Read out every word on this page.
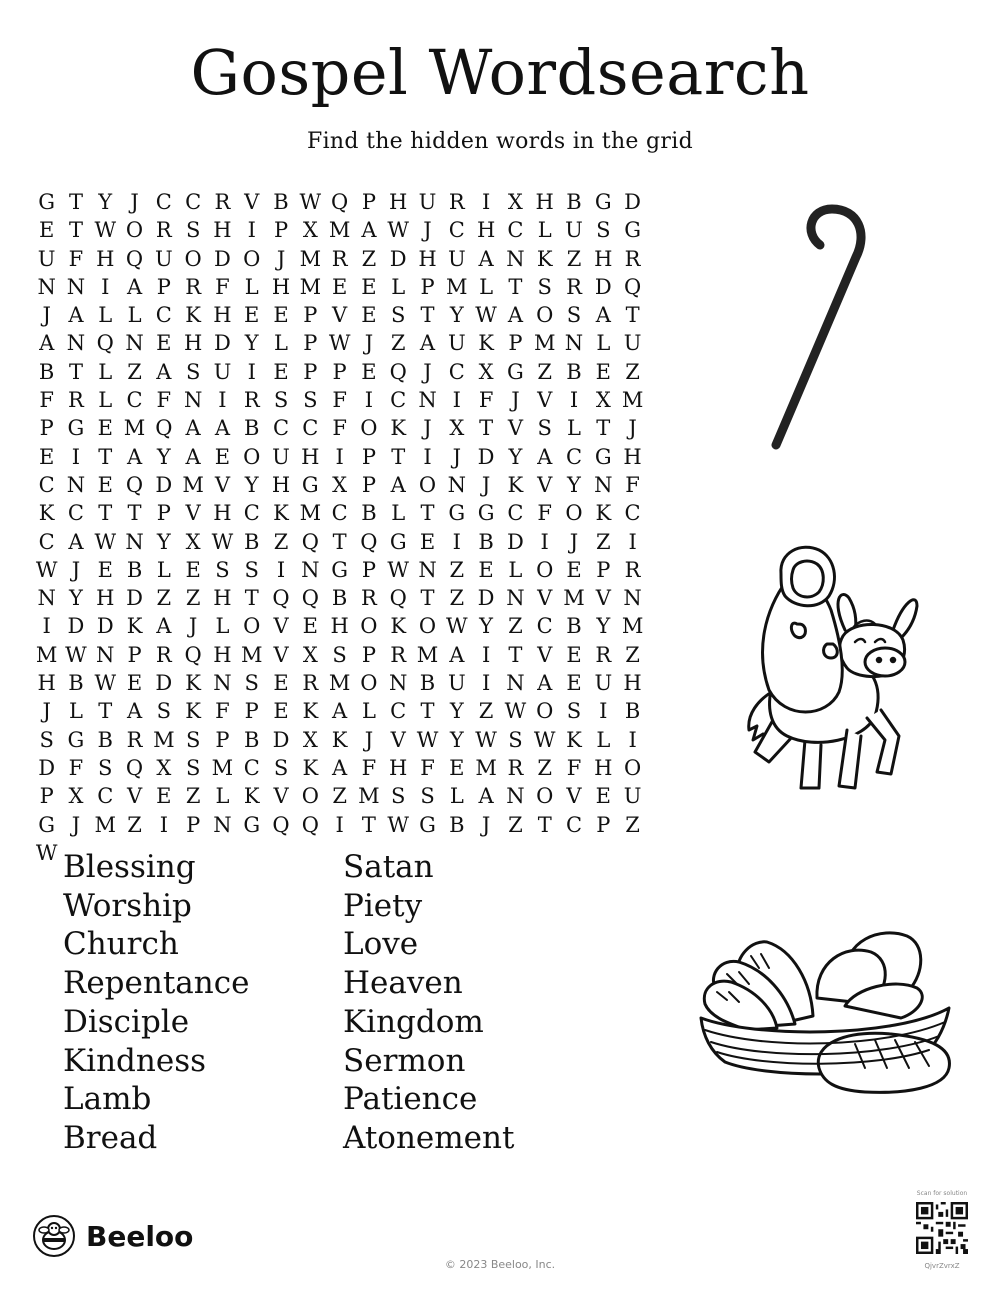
Gospel Wordsearch
Find the hidden words in the grid
G T Y J C C R V B W Q P H U R I X H B G D
E T W O R S H I P X M A W J C H C L U S G
U F H Q U O D O J M R Z D H U A N K Z H R
N N I A P R F L H M E E L P M L T S R D Q
J A L L C K H E E P V E S T Y W A O S A T
A N Q N E H D Y L P W J Z A U K P M N L U
B T L Z A S U I E P P E Q J C X G Z B E Z
F R L C F N I R S S F I C N I F J V I X M
P G E M Q A A B C C F O K J X T V S L T J
E I T A Y A E O U H I P T I J D Y A C G H
C N E Q D M V Y H G X P A O N J K V Y N F
K C T T P V H C K M C B L T G G C F O K C
C A W N Y X W B Z Q T Q G E I B D I J Z I
W J E B L E S S I N G P W N Z E L O E P R
N Y H D Z Z H T Q Q B R Q T Z D N V M V N
I D D K A J L O V E H O K O W Y Z C B Y M
M W N P R Q H M V X S P R M A I T V E R Z
H B W E D K N S E R M O N B U I N A E U H
J L T A S K F P E K A L C T Y Z W O S I B
S G B R M S P B D X K J V W Y W S W K L I
D F S Q X S M C S K A F H F E M R Z F H O
P X C V E Z L K V O Z M S S L A N O V E U
G J M Z I P N G Q Q I T W G B J Z T C P Z
W Blessing
Worship
Church
Repentance
Disciple
Kindness
Lamb
Bread
Satan
Piety
Love
Heaven
Kingdom
Sermon
Patience
Atonement
Beeloo
© 2023 Beeloo, Inc.
Scan for solution
QjvrZvrxZ
